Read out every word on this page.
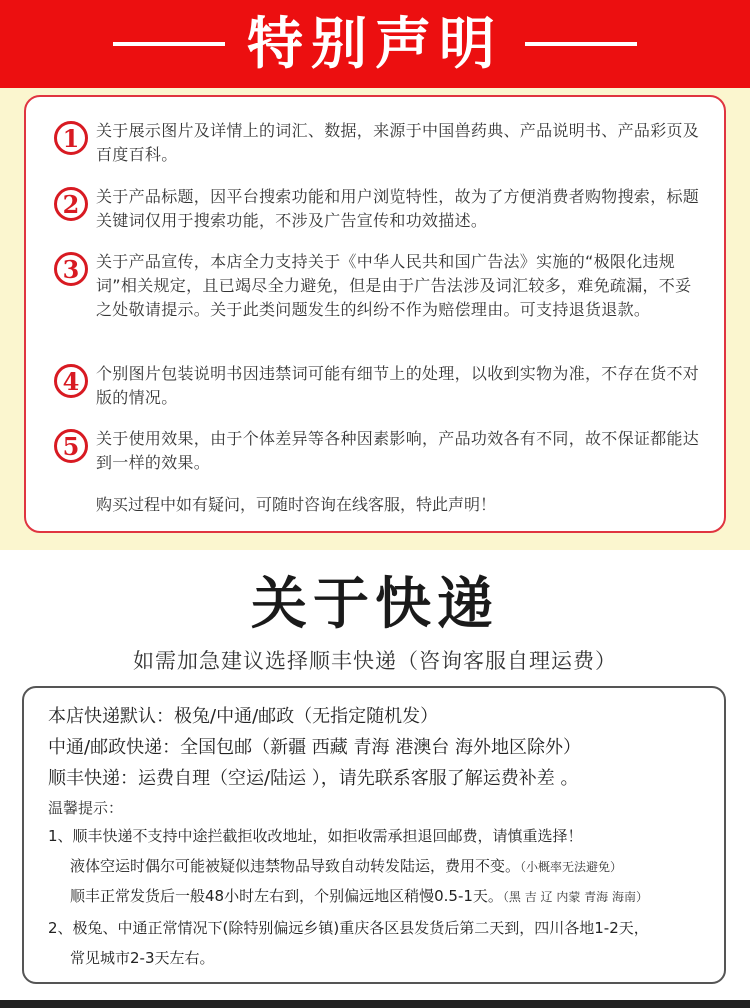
特别声明
1	关于展示图片及详情上的词汇、数据，来源于中国兽药典、产品说明书、产品彩页及百度百科。
2	关于产品标题，因平台搜索功能和用户浏览特性，故为了方便消费者购物搜索，标题关键词仅用于搜索功能，不涉及广告宣传和功效描述。
3	关于产品宣传，本店全力支持关于《中华人民共和国广告法》实施的“极限化违规词”相关规定，且已竭尽全力避免，但是由于广告法涉及词汇较多，难免疏漏，不妥之处敬请提示。关于此类问题发生的纠纷不作为赔偿理由。可支持退货退款。
4	个别图片包装说明书因违禁词可能有细节上的处理，以收到实物为准，不存在货不对版的情况。
5	关于使用效果，由于个体差异等各种因素影响，产品功效各有不同，故不保证都能达到一样的效果。
购买过程中如有疑问，可随时咨询在线客服，特此声明！
关于快递
如需加急建议选择顺丰快递（咨询客服自理运费）
本店快递默认：极兔/中通/邮政（无指定随机发）
中通/邮政快递：全国包邮（新疆 西藏 青海 港澳台 海外地区除外）
顺丰快递：运费自理（空运/陆运 ），请先联系客服了解运费补差 。
温馨提示：
1、顺丰快递不支持中途拦截拒收改地址，如拒收需承担退回邮费，请慎重选择！
液体空运时偶尔可能被疑似违禁物品导致自动转发陆运，费用不变。（小概率无法避免）
顺丰正常发货后一般48小时左右到，个别偏远地区稍慢0.5-1天。（黑 吉 辽 内蒙 青海 海南）
2、极兔、中通正常情况下(除特别偏远乡镇)重庆各区县发货后第二天到，四川各地1-2天，
常见城市2-3天左右。
